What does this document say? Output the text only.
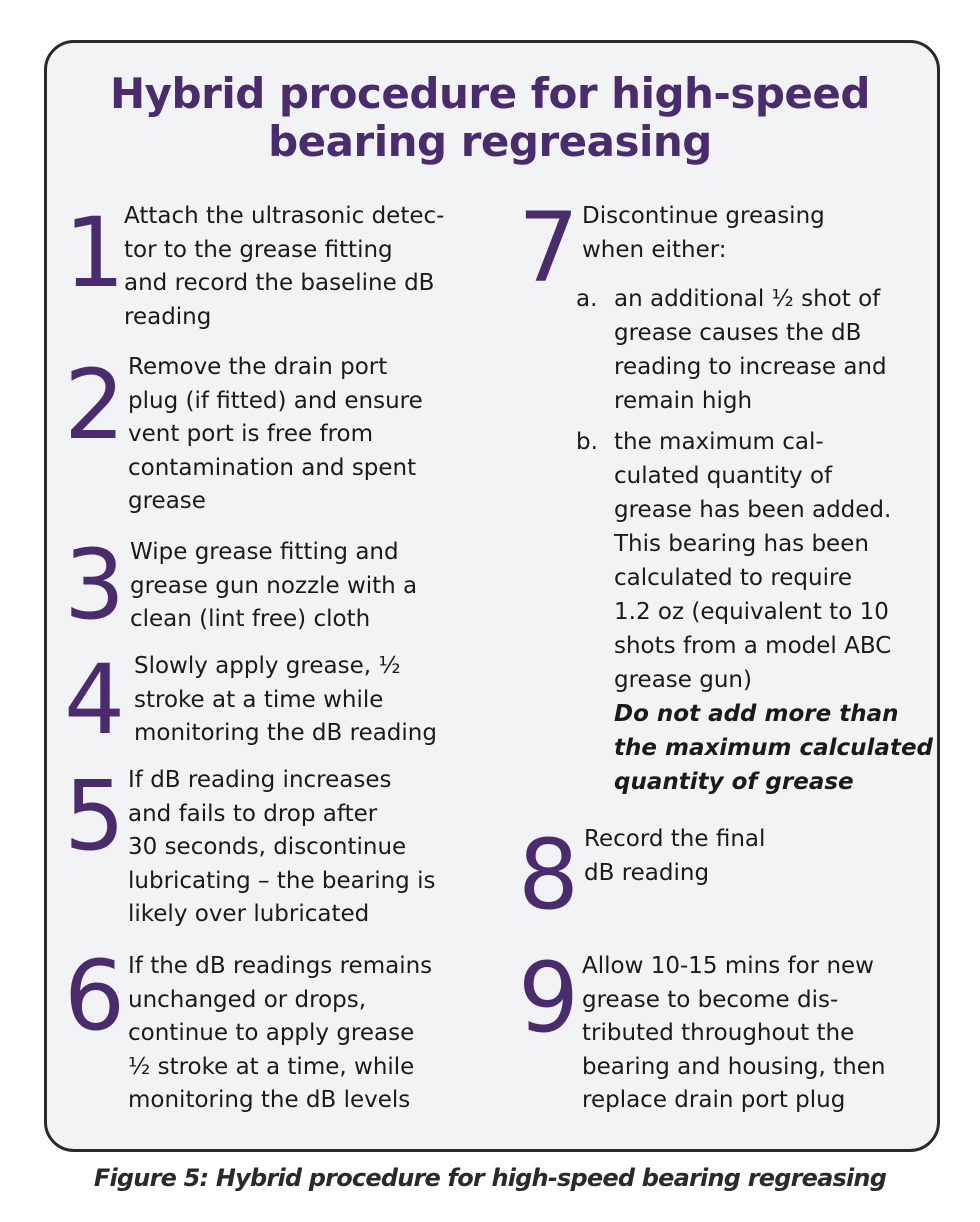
Hybrid procedure for high-speed
bearing regreasing
1
Attach the ultrasonic detec-
tor to the grease fitting
and record the baseline dB
reading
2 Remove the drain port
plug (if fitted) and ensure
vent port is free from
contamination and spent
grease
3 Wipe grease fitting and
grease gun nozzle with a
clean (lint free) cloth
4 Slowly apply grease, ½
stroke at a time while
monitoring the dB reading
5 If dB reading increases
and fails to drop after
30 seconds, discontinue
lubricating – the bearing is
likely over lubricated
6 If the dB readings remains
unchanged or drops,
continue to apply grease
½ stroke at a time, while
monitoring the dB levels
7 Discontinue greasing
when either:
a. an additional ½ shot of
grease causes the dB
reading to increase and
remain high
b. the maximum cal-
culated quantity of
grease has been added.
This bearing has been
calculated to require
1.2 oz (equivalent to 10
shots from a model ABC
grease gun)
Do not add more than
the maximum calculated
quantity of grease
8 Record the final
dB reading
9 Allow 10-15 mins for new
grease to become dis-
tributed throughout the
bearing and housing, then
replace drain port plug
Figure 5: Hybrid procedure for high-speed bearing regreasing
